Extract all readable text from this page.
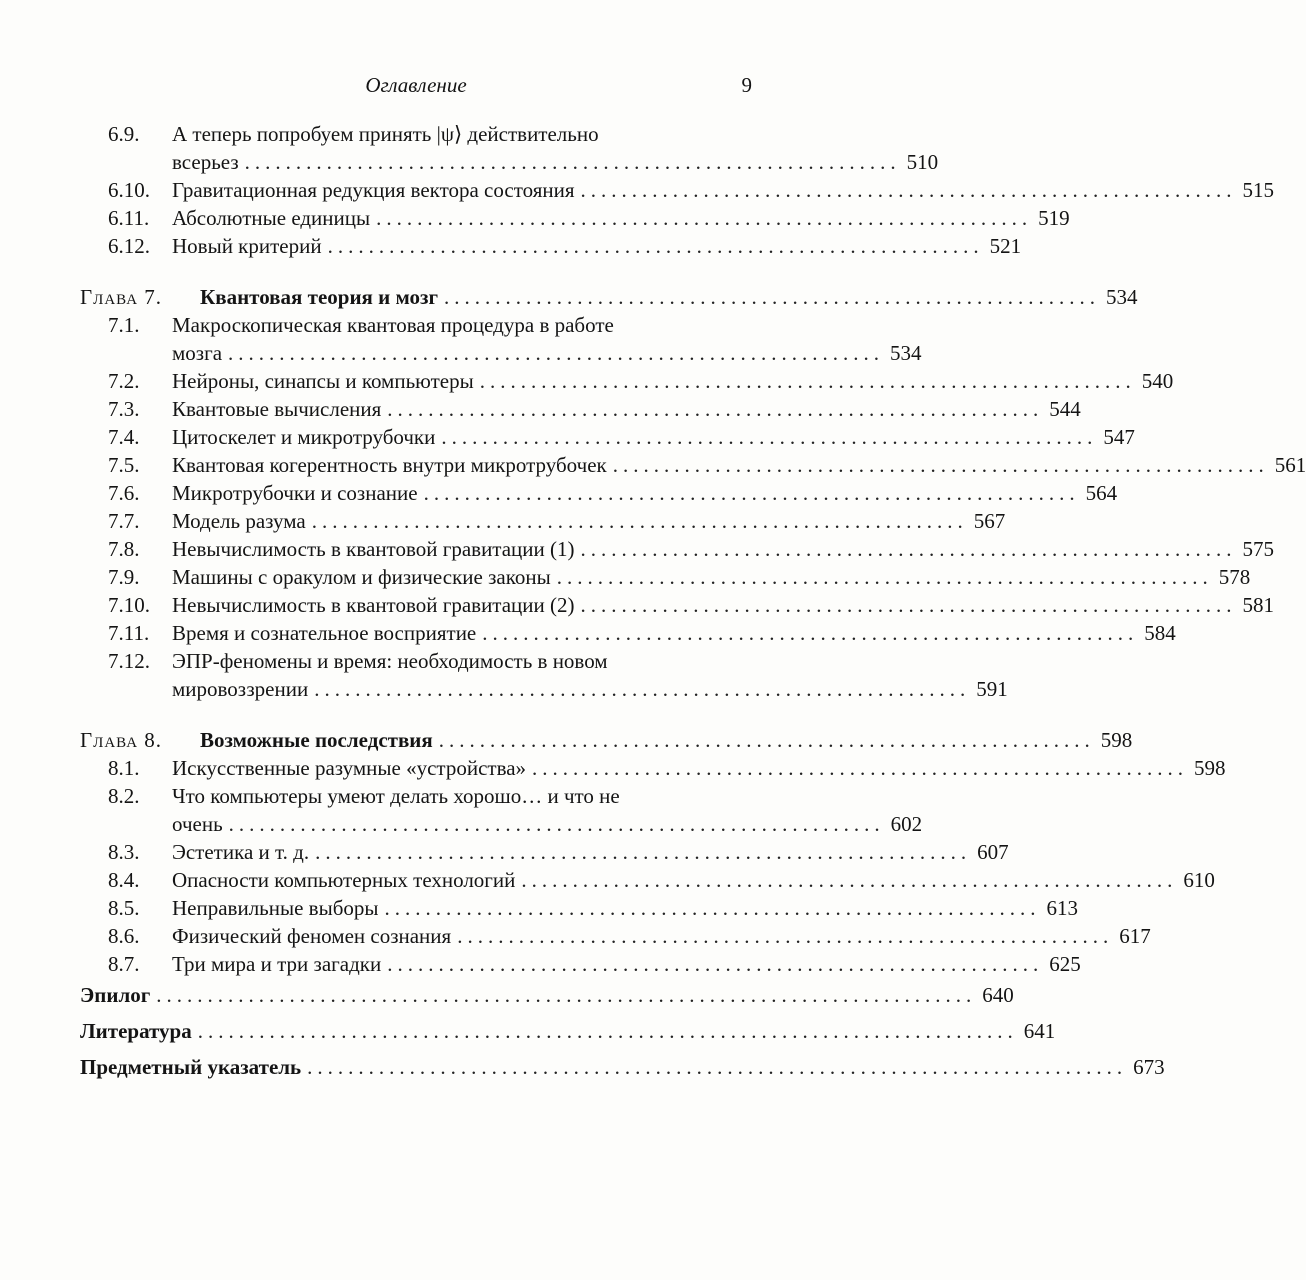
Оглавление	9
6.9. А теперь попробуем принять |ψ⟩ действительно
всерьез ................................................................ 510
6.10. Гравитационная редукция вектора состояния ................................................................ 515
6.11. Абсолютные единицы ................................................................ 519
6.12. Новый критерий ................................................................ 521
Глава 7. Квантовая теория и мозг ................................................................ 534
7.1. Макроскопическая квантовая процедура в работе
мозга ................................................................ 534
7.2. Нейроны, синапсы и компьютеры ................................................................ 540
7.3. Квантовые вычисления ................................................................ 544
7.4. Цитоскелет и микротрубочки ................................................................ 547
7.5. Квантовая когерентность внутри микротрубочек ................................................................ 561
7.6. Микротрубочки и сознание ................................................................ 564
7.7. Модель разума ................................................................ 567
7.8. Невычислимость в квантовой гравитации (1) ................................................................ 575
7.9. Машины с оракулом и физические законы ................................................................ 578
7.10. Невычислимость в квантовой гравитации (2) ................................................................ 581
7.11. Время и сознательное восприятие ................................................................ 584
7.12. ЭПР-феномены и время: необходимость в новом
мировоззрении ................................................................ 591
Глава 8. Возможные последствия ................................................................ 598
8.1. Искусственные разумные «устройства» ................................................................ 598
8.2. Что компьютеры умеют делать хорошо… и что не
очень ................................................................ 602
8.3. Эстетика и т. д. ................................................................ 607
8.4. Опасности компьютерных технологий ................................................................ 610
8.5. Неправильные выборы ................................................................ 613
8.6. Физический феномен сознания ................................................................ 617
8.7. Три мира и три загадки ................................................................ 625
Эпилог ................................................................................ 640
Литература ................................................................................ 641
Предметный указатель ................................................................................ 673
